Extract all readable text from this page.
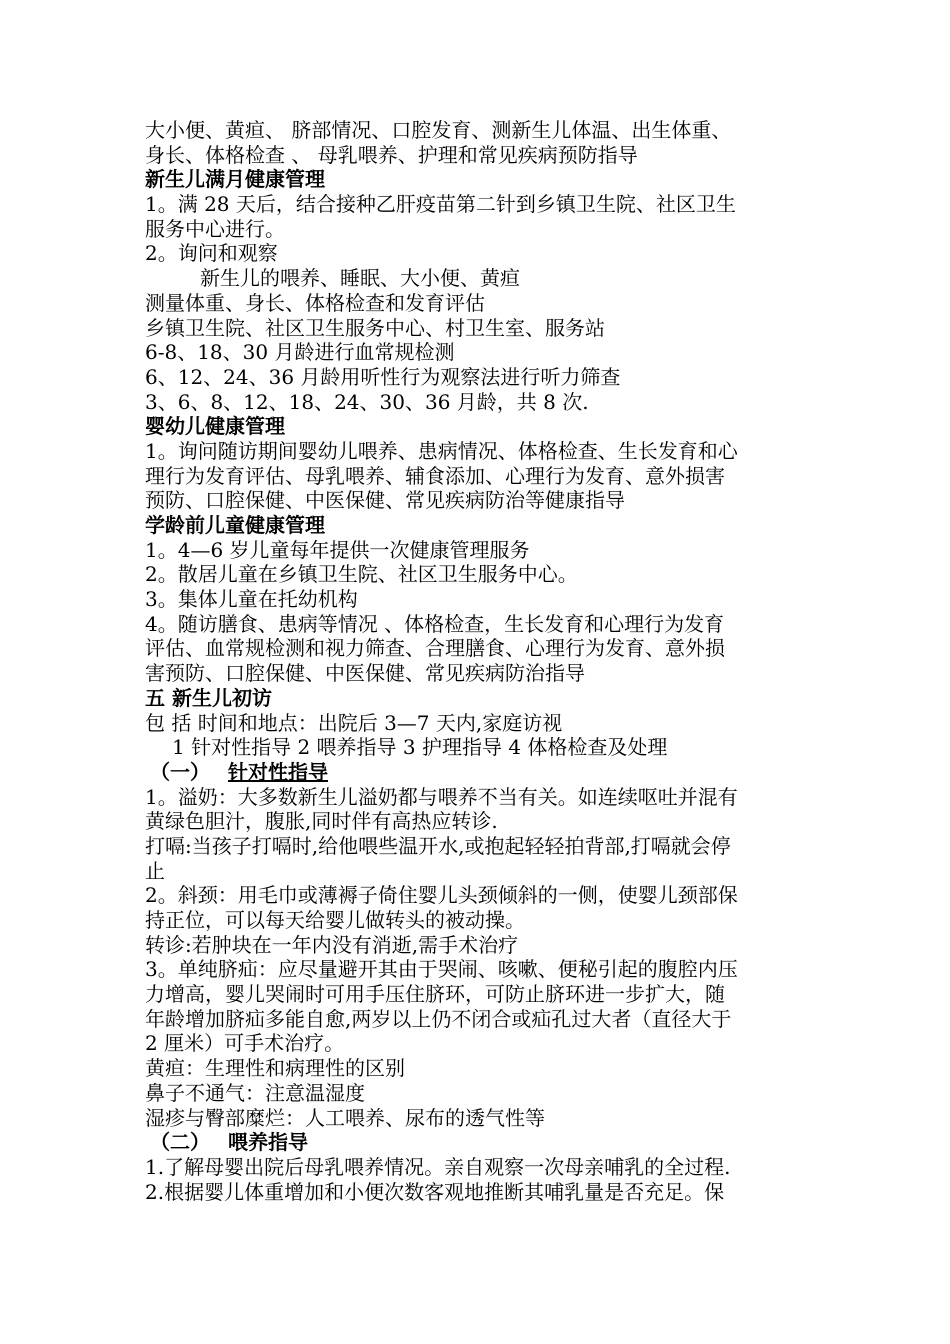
大小便、黄疸、 脐部情况、口腔发育、测新生儿体温、出生体重、
身长、体格检查 、 母乳喂养、护理和常见疾病预防指导
新生儿满月健康管理
1。满 28 天后，结合接种乙肝疫苗第二针到乡镇卫生院、社区卫生
服务中心进行。
2。询问和观察
新生儿的喂养、睡眠、大小便、黄疸
测量体重、身长、体格检查和发育评估
乡镇卫生院、社区卫生服务中心、村卫生室、服务站
6-8、18、30 月龄进行血常规检测
6、12、24、36 月龄用听性行为观察法进行听力筛查
3、6、8、12、18、24、30、36 月龄，共 8 次.
婴幼儿健康管理
1。询问随访期间婴幼儿喂养、患病情况、体格检查、生长发育和心
理行为发育评估、母乳喂养、辅食添加、心理行为发育、意外损害
预防、口腔保健、中医保健、常见疾病防治等健康指导
学龄前儿童健康管理
1。4—6 岁儿童每年提供一次健康管理服务
2。散居儿童在乡镇卫生院、社区卫生服务中心。
3。集体儿童在托幼机构
4。随访膳食、患病等情况 、体格检查，生长发育和心理行为发育
评估、血常规检测和视力筛查、合理膳食、心理行为发育、意外损
害预防、口腔保健、中医保健、常见疾病防治指导
五 新生儿初访
包 括 时间和地点：出院后 3—7 天内,家庭访视
1 针对性指导 2 喂养指导 3 护理指导 4 体格检查及处理
（一） 针对性指导
1。溢奶：大多数新生儿溢奶都与喂养不当有关。如连续呕吐并混有
黄绿色胆汁，腹胀,同时伴有高热应转诊.
打嗝:当孩子打嗝时,给他喂些温开水,或抱起轻轻拍背部,打嗝就会停
止
2。斜颈：用毛巾或薄褥子倚住婴儿头颈倾斜的一侧，使婴儿颈部保
持正位，可以每天给婴儿做转头的被动操。
转诊:若肿块在一年内没有消逝,需手术治疗
3。单纯脐疝：应尽量避开其由于哭闹、咳嗽、便秘引起的腹腔内压
力增高，婴儿哭闹时可用手压住脐环，可防止脐环进一步扩大，随
年龄增加脐疝多能自愈,两岁以上仍不闭合或疝孔过大者（直径大于
2 厘米）可手术治疗。
黄疸：生理性和病理性的区别
鼻子不通气：注意温湿度
湿疹与臀部糜烂：人工喂养、尿布的透气性等
（二） 喂养指导
1.了解母婴出院后母乳喂养情况。亲自观察一次母亲哺乳的全过程.
2.根据婴儿体重增加和小便次数客观地推断其哺乳量是否充足。保
